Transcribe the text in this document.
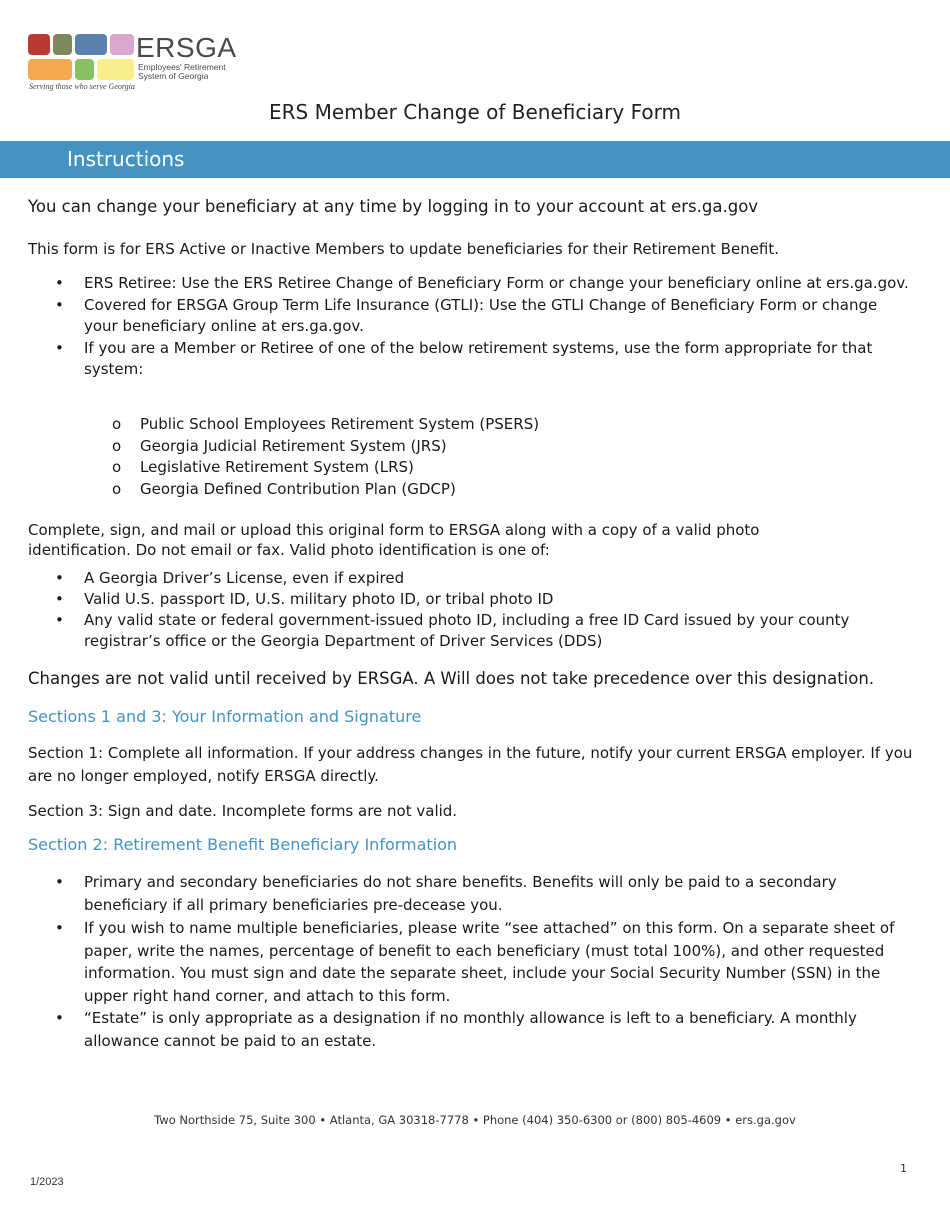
ERSGA
Employees' Retirement
System of Georgia
Serving those who serve Georgia
ERS Member Change of Beneficiary Form
Instructions
You can change your beneficiary at any time by logging in to your account at ers.ga.gov
This form is for ERS Active or Inactive Members to update beneficiaries for their Retirement Benefit.
• ERS Retiree: Use the ERS Retiree Change of Beneficiary Form or change your beneficiary online at ers.ga.gov.
• Covered for ERSGA Group Term Life Insurance (GTLI): Use the GTLI Change of Beneficiary Form or change your beneficiary online at ers.ga.gov.
• If you are a Member or Retiree of one of the below retirement systems, use the form appropriate for that system:
o Public School Employees Retirement System (PSERS)
o Georgia Judicial Retirement System (JRS)
o Legislative Retirement System (LRS)
o Georgia Defined Contribution Plan (GDCP)
Complete, sign, and mail or upload this original form to ERSGA along with a copy of a valid photo
identification. Do not email or fax. Valid photo identification is one of:
• A Georgia Driver’s License, even if expired
• Valid U.S. passport ID, U.S. military photo ID, or tribal photo ID
• Any valid state or federal government-issued photo ID, including a free ID Card issued by your county registrar’s office or the Georgia Department of Driver Services (DDS)
Changes are not valid until received by ERSGA. A Will does not take precedence over this designation.
Sections 1 and 3: Your Information and Signature
Section 1: Complete all information. If your address changes in the future, notify your current ERSGA employer. If you are no longer employed, notify ERSGA directly.
Section 3: Sign and date. Incomplete forms are not valid.
Section 2: Retirement Benefit Beneficiary Information
• Primary and secondary beneficiaries do not share benefits. Benefits will only be paid to a secondary beneficiary if all primary beneficiaries pre-decease you.
• If you wish to name multiple beneficiaries, please write “see attached” on this form. On a separate sheet of paper, write the names, percentage of benefit to each beneficiary (must total 100%), and other requested information. You must sign and date the separate sheet, include your Social Security Number (SSN) in the upper right hand corner, and attach to this form.
• “Estate” is only appropriate as a designation if no monthly allowance is left to a beneficiary. A monthly allowance cannot be paid to an estate.
Two Northside 75, Suite 300 • Atlanta, GA 30318-7778 • Phone (404) 350-6300 or (800) 805-4609 • ers.ga.gov
1
1/2023
